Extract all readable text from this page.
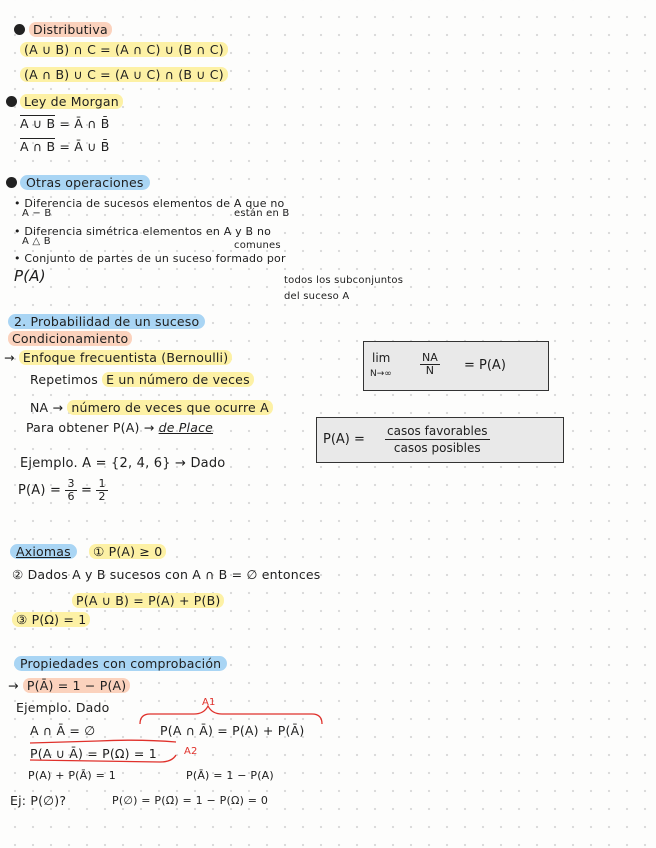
Distributiva
(A ∪ B) ∩ C = (A ∩ C) ∪ (B ∩ C)
(A ∩ B) ∪ C = (A ∪ C) ∩ (B ∪ C)
Ley de Morgan
A ∪ B = Ā ∩ B̄
A ∩ B = Ā ∪ B̄
Otras operaciones
• Diferencia de sucesos elementos de A que no
están en B
A − B
• Diferencia simétrica elementos en A y B no
comunes
A △ B
• Conjunto de partes de un suceso formado por
P(A)	todos los subconjuntos
del suceso A
2. Probabilidad de un suceso
Condicionamiento
→ Enfoque frecuentista (Bernoulli)
Repetimos E un número de veces
lim
N→∞	$\frac{NA}{N} = P(A)$
NA → número de veces que ocurre A
Para obtener P(A) → de Place
$P(A) = \frac{\text{casos favorables}}{\text{casos posibles}}$
Ejemplo. A = {2, 4, 6} → Dado
$P(A) = \frac{3}{6} = \frac{1}{2}$
Axiomas ① P(A) ≥ 0
② Dados A y B sucesos con A ∩ B = ∅ entonces
P(A ∪ B) = P(A) + P(B)
③ P(Ω) = 1
Propiedades con comprobación
→ P(Ā) = 1 − P(A)
Ejemplo. Dado	A1
A ∩ Ā = ∅	P(A ∩ Ā) = P(A) + P(Ā)
P(A ∪ Ā) = P(Ω) = 1	A2
P(A) + P(Ā) = 1	P(Ā) = 1 − P(A)
Ej: P(∅)?	P(∅) = P(Ω̄) = 1 − P(Ω) = 0
